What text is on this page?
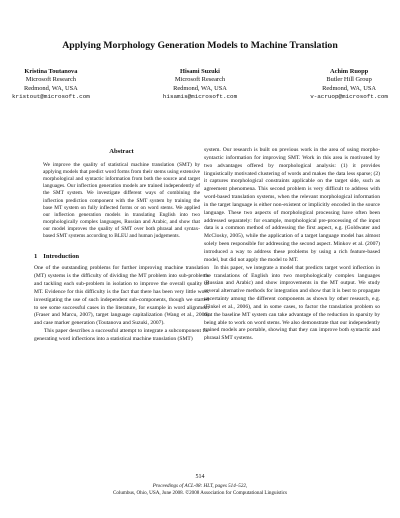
Applying Morphology Generation Models to Machine Translation
Kristina Toutanova
Microsoft Research
Redmond, WA, USA
kristout@microsoft.com
Hisami Suzuki
Microsoft Research
Redmond, WA, USA
hisamis@microsoft.com
Achim Ruopp
Butler Hill Group
Redmond, WA, USA
v-acruop@microsoft.com
Abstract

We improve the quality of statistical machine translation (SMT) by applying models that predict word forms from their stems using extensive morphological and syntactic information from both the source and target languages. Our inflection generation models are trained independently of the SMT system. We investigate different ways of combining the inflection prediction component with the SMT system by training the base MT system on fully inflected forms or on word stems. We applied our inflection generation models in translating English into two morphologically complex languages, Russian and Arabic, and show that our model improves the quality of SMT over both phrasal and syntax-based SMT systems according to BLEU and human judgements.

1 Introduction

One of the outstanding problems for further improving machine translation (MT) systems is the difficulty of dividing the MT problem into sub-problems and tackling each sub-problem in isolation to improve the overall quality of MT. Evidence for this difficulty is the fact that there has been very little work investigating the use of such independent sub-components, though we started to see some successful cases in the literature, for example in word alignment (Fraser and Marcu, 2007), target language capitalization (Wang et al., 2006) and case marker generation (Toutanova and Suzuki, 2007).

This paper describes a successful attempt to integrate a subcomponent for generating word inflections into a statistical machine translation (SMT)

system. Our research is built on previous work in the area of using morpho-syntactic information for improving SMT. Work in this area is motivated by two advantages offered by morphological analysis: (1) it provides linguistically motivated clustering of words and makes the data less sparse; (2) it captures morphological constraints applicable on the target side, such as agreement phenomena. This second problem is very difficult to address with word-based translation systems, when the relevant morphological information in the target language is either non-existent or implicitly encoded in the source language. These two aspects of morphological processing have often been addressed separately: for example, morphological pre-processing of the input data is a common method of addressing the first aspect, e.g. (Goldwater and McClosky, 2005), while the application of a target language model has almost solely been responsible for addressing the second aspect. Minkov et al. (2007) introduced a way to address these problems by using a rich feature-based model, but did not apply the model to MT.

In this paper, we integrate a model that predicts target word inflection in the translations of English into two morphologically complex languages (Russian and Arabic) and show improvements in the MT output. We study several alternative methods for integration and show that it is best to propagate uncertainty among the different components as shown by other research, e.g. (Finkel et al., 2006), and in some cases, to factor the translation problem so that the baseline MT system can take advantage of the reduction in sparsity by being able to work on word stems. We also demonstrate that our independently trained models are portable, showing that they can improve both syntactic and phrasal SMT systems.

514
Proceedings of ACL-08: HLT, pages 514–522,
Columbus, Ohio, USA, June 2008. ©2008 Association for Computational Linguistics
